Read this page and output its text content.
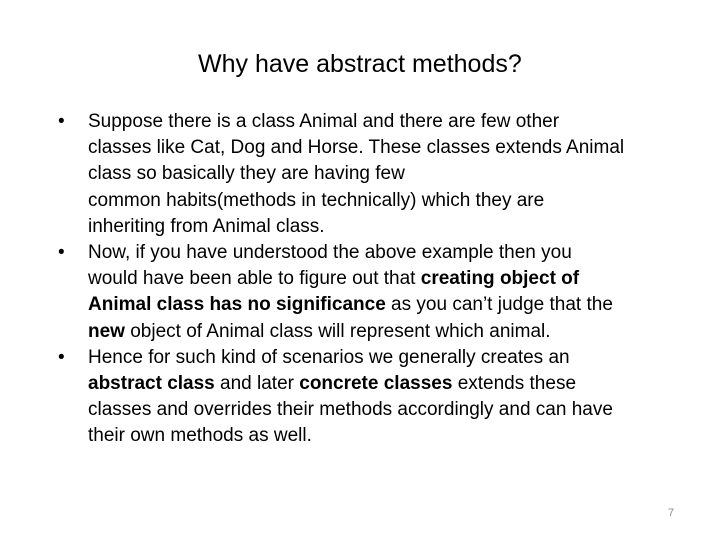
Why have abstract methods?
•	Suppose there is a class Animal and there are few other
classes like Cat, Dog and Horse. These classes extends Animal
class so basically they are having few
common habits(methods in technically) which they are
inheriting from Animal class.
•	Now, if you have understood the above example then you
would have been able to figure out that creating object of
Animal class has no significance as you can’t judge that the
new object of Animal class will represent which animal.
•	Hence for such kind of scenarios we generally creates an
abstract class and later concrete classes extends these
classes and overrides their methods accordingly and can have
their own methods as well.
7
